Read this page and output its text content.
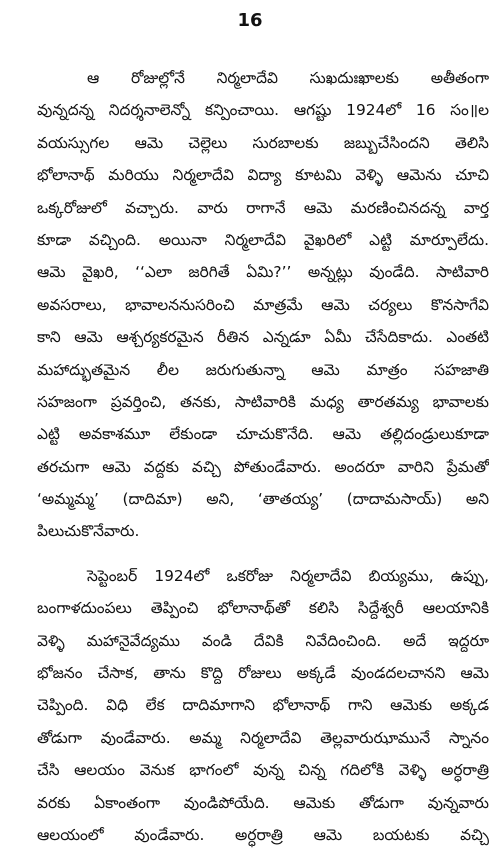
16
ఆ రోజుల్లోనే నిర్మలాదేవి సుఖదుఃఖాలకు అతీతంగా
వున్నదన్న నిదర్శనాలెన్నో కన్పించాయి. ఆగష్టు 1924లో 16 సం॥ల
వయస్సుగల ఆమె చెల్లెలు సురబాలకు జబ్బుచేసిందని తెలిసి
భోలానాథ్ మరియు నిర్మలాదేవి విద్యా కూటమి వెళ్ళి ఆమెను చూచి
ఒక్కరోజులో వచ్చారు. వారు రాగానే ఆమె మరణించినదన్న వార్త
కూడా వచ్చింది. అయినా నిర్మలాదేవి వైఖరిలో ఎట్టి మార్పూలేదు.
ఆమె వైఖరి, ‘‘ఎలా జరిగితే ఏమి?’’ అన్నట్లు వుండేది. సాటివారి
అవసరాలు, భావాలననుసరించి మాత్రమే ఆమె చర్యలు కొనసాగేవి
కాని ఆమె ఆశ్చర్యకరమైన రీతిన ఎన్నడూ ఏమీ చేసేదికాదు. ఎంతటి
మహాద్భుతమైన లీల జరుగుతున్నా ఆమె మాత్రం సహజాతి
సహజంగా ప్రవర్తించి, తనకు, సాటివారికి మధ్య తారతమ్య భావాలకు
ఎట్టి అవకాశమూ లేకుండా చూచుకొనేది. ఆమె తల్లిదండ్రులుకూడా
తరచుగా ఆమె వద్దకు వచ్చి పోతుండేవారు. అందరూ వారిని ప్రేమతో
‘అమ్మమ్మ’ (దాదిమా) అని, ‘తాతయ్య’ (దాదామసాయ్) అని
పిలుచుకొనేవారు.
సెప్టెంబర్ 1924లో ఒకరోజు నిర్మలాదేవి బియ్యము, ఉప్పు,
బంగాళదుంపలు తెప్పించి భోలానాథ్‌తో కలిసి సిద్దేశ్వరీ ఆలయానికి
వెళ్ళి మహానైవేద్యము వండి దేవికి నివేదించింది. అదే ఇద్దరూ
భోజనం చేసాక, తాను కొద్ది రోజులు అక్కడే వుండదలచానని ఆమె
చెప్పింది. విధి లేక దాదిమాగాని భోలానాథ్ గాని ఆమెకు అక్కడ
తోడుగా వుండేవారు. అమ్మ నిర్మలాదేవి తెల్లవారుఝామునే స్నానం
చేసి ఆలయం వెనుక భాగంలో వున్న చిన్న గదిలోకి వెళ్ళి అర్ధరాత్రి
వరకు ఏకాంతంగా వుండిపోయేది. ఆమెకు తోడుగా వున్నవారు
ఆలయంలో వుండేవారు. అర్ధరాత్రి ఆమె బయటకు వచ్చి
